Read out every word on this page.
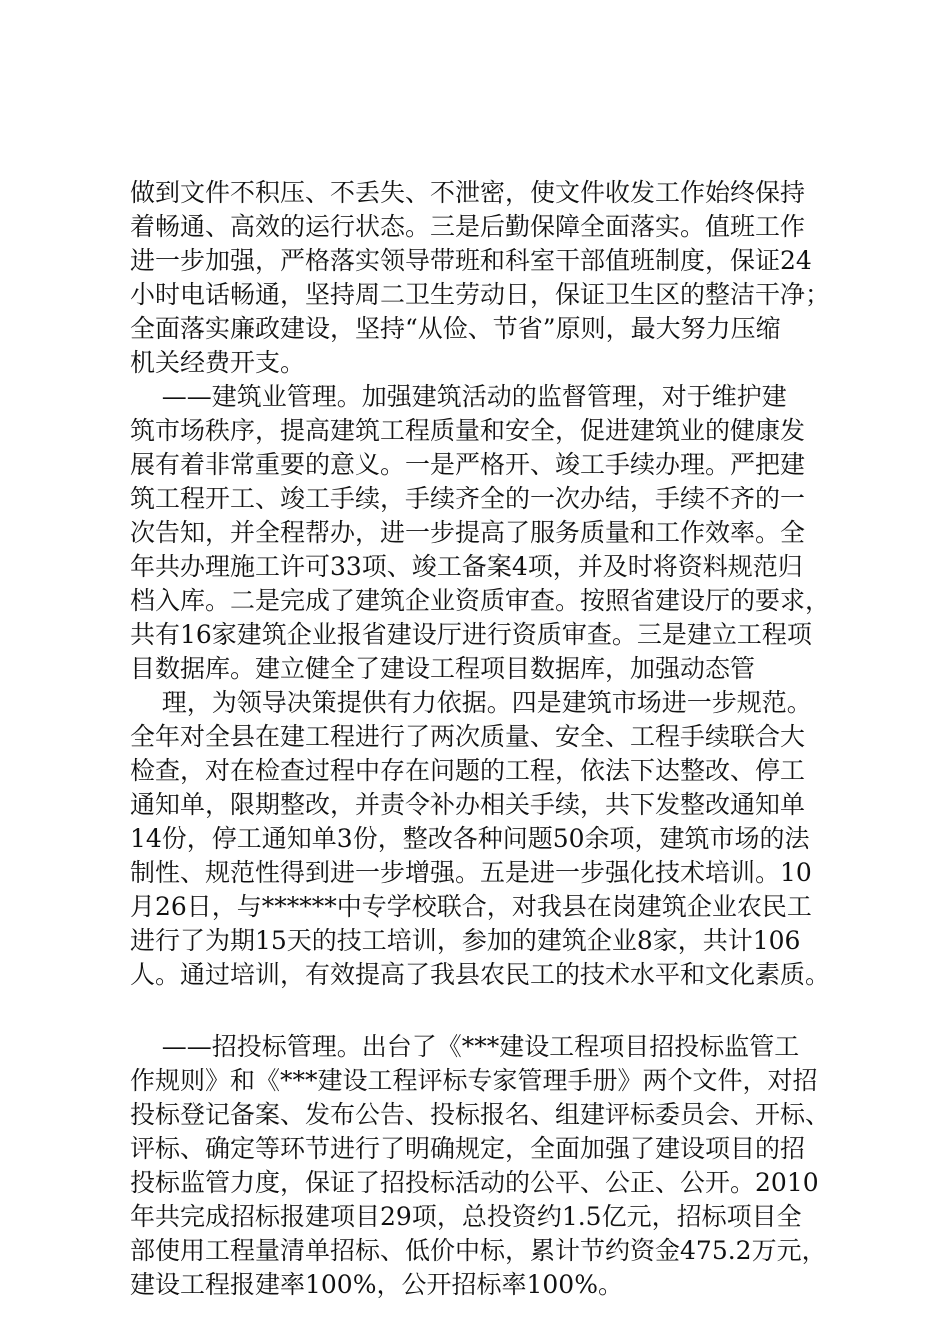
做到文件不积压、不丢失、不泄密，使文件收发工作始终保持
着畅通、高效的运行状态。三是后勤保障全面落实。值班工作
进一步加强，严格落实领导带班和科室干部值班制度，保证24
小时电话畅通，坚持周二卫生劳动日，保证卫生区的整洁干净；
全面落实廉政建设，坚持“从俭、节省”原则，最大努力压缩
机关经费开支。
——建筑业管理。加强建筑活动的监督管理，对于维护建
筑市场秩序，提高建筑工程质量和安全，促进建筑业的健康发
展有着非常重要的意义。一是严格开、竣工手续办理。严把建
筑工程开工、竣工手续，手续齐全的一次办结，手续不齐的一
次告知，并全程帮办，进一步提高了服务质量和工作效率。全
年共办理施工许可33项、竣工备案4项，并及时将资料规范归
档入库。二是完成了建筑企业资质审查。按照省建设厅的要求，
共有16家建筑企业报省建设厅进行资质审查。三是建立工程项
目数据库。建立健全了建设工程项目数据库，加强动态管
理，为领导决策提供有力依据。四是建筑市场进一步规范。
全年对全县在建工程进行了两次质量、安全、工程手续联合大
检查，对在检查过程中存在问题的工程，依法下达整改、停工
通知单，限期整改，并责令补办相关手续，共下发整改通知单
14份，停工通知单3份，整改各种问题50余项，建筑市场的法
制性、规范性得到进一步增强。五是进一步强化技术培训。10
月26日，与******中专学校联合，对我县在岗建筑企业农民工
进行了为期15天的技工培训，参加的建筑企业8家，共计106
人。通过培训，有效提高了我县农民工的技术水平和文化素质。
——招投标管理。出台了《***建设工程项目招投标监管工
作规则》和《***建设工程评标专家管理手册》两个文件，对招
投标登记备案、发布公告、投标报名、组建评标委员会、开标、
评标、确定等环节进行了明确规定，全面加强了建设项目的招
投标监管力度，保证了招投标活动的公平、公正、公开。2010
年共完成招标报建项目29项，总投资约1.5亿元，招标项目全
部使用工程量清单招标、低价中标，累计节约资金475.2万元，
建设工程报建率100%，公开招标率100%。
